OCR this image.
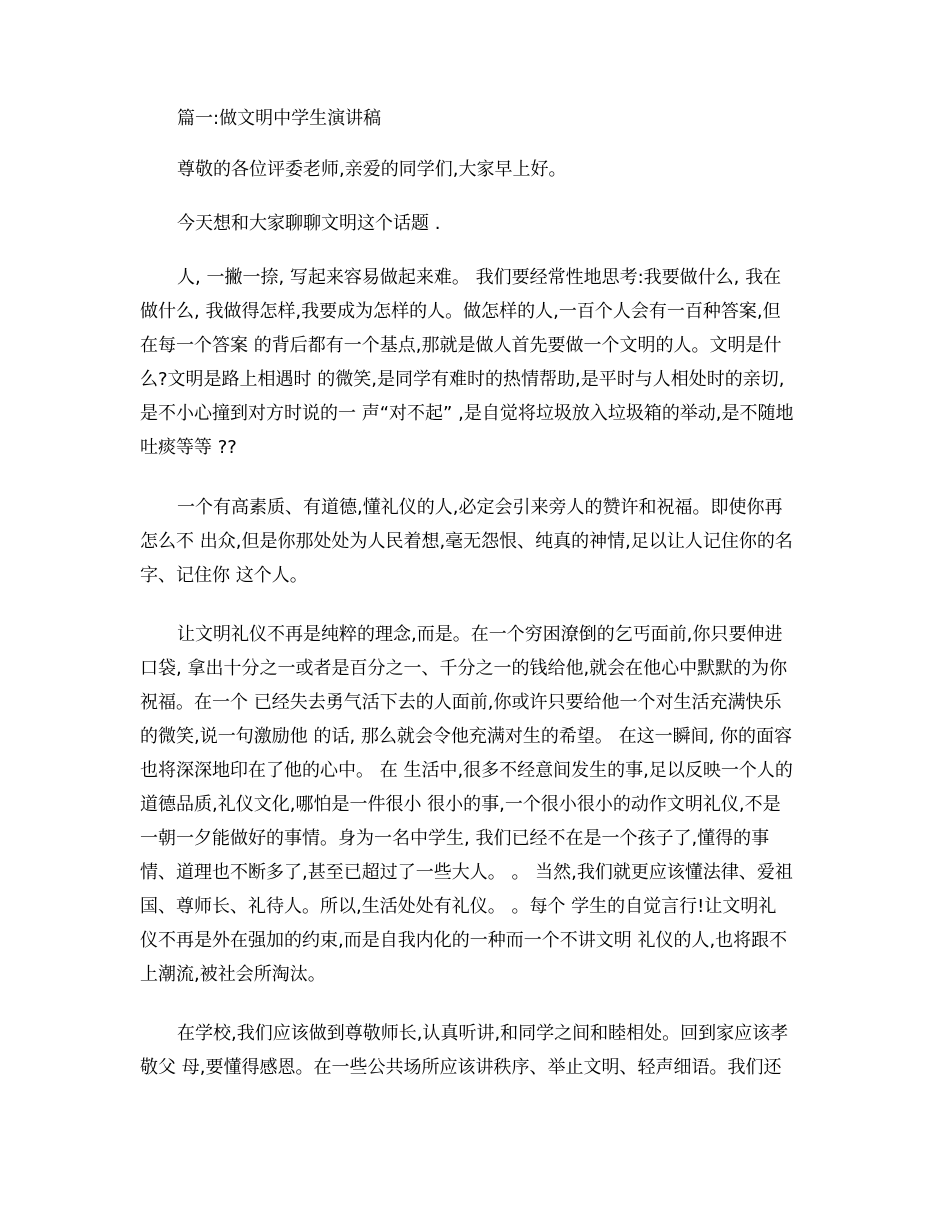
篇一:做文明中学生演讲稿

尊敬的各位评委老师,亲爱的同学们,大家早上好。

今天想和大家聊聊文明这个话题 .

人, 一撇一捺, 写起来容易做起来难。 我们要经常性地思考:我要做什么, 我在

做什么, 我做得怎样,我要成为怎样的人。做怎样的人,一百个人会有一百种答案,但

在每一个答案 的背后都有一个基点,那就是做人首先要做一个文明的人。文明是什

么?文明是路上相遇时 的微笑,是同学有难时的热情帮助,是平时与人相处时的亲切,

是不小心撞到对方时说的一 声“对不起” ,是自觉将垃圾放入垃圾箱的举动,是不随地

吐痰等等 ??

一个有高素质、有道德,懂礼仪的人,必定会引来旁人的赞许和祝福。即使你再

怎么不 出众,但是你那处处为人民着想,毫无怨恨、纯真的神情,足以让人记住你的名

字、记住你 这个人。

让文明礼仪不再是纯粹的理念,而是。在一个穷困潦倒的乞丐面前,你只要伸进

口袋, 拿出十分之一或者是百分之一、千分之一的钱给他,就会在他心中默默的为你

祝福。在一个 已经失去勇气活下去的人面前,你或许只要给他一个对生活充满快乐

的微笑,说一句激励他 的话, 那么就会令他充满对生的希望。 在这一瞬间, 你的面容

也将深深地印在了他的心中。 在 生活中,很多不经意间发生的事,足以反映一个人的

道德品质,礼仪文化,哪怕是一件很小 很小的事,一个很小很小的动作文明礼仪,不是

一朝一夕能做好的事情。身为一名中学生, 我们已经不在是一个孩子了,懂得的事

情、道理也不断多了,甚至已超过了一些大人。 。 当然,我们就更应该懂法律、爱祖

国、尊师长、礼待人。所以,生活处处有礼仪。 。每个 学生的自觉言行!让文明礼

仪不再是外在强加的约束,而是自我内化的一种而一个不讲文明 礼仪的人,也将跟不

上潮流,被社会所淘汰。

在学校,我们应该做到尊敬师长,认真听讲,和同学之间和睦相处。回到家应该孝

敬父 母,要懂得感恩。在一些公共场所应该讲秩序、举止文明、轻声细语。我们还
